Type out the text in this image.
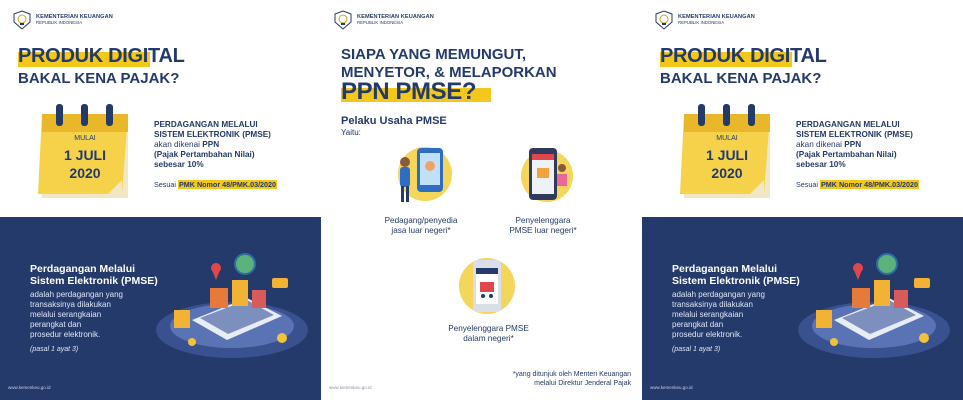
KEMENTERIAN KEUANGAN
REPUBLIK INDONESIA
PRODUK DIGITAL
BAKAL KENA PAJAK?
MULAI
1 JULI
2020
PERDAGANGAN MELALUI
SISTEM ELEKTRONIK (PMSE)
akan dikenai PPN
(Pajak Pertambahan Nilai)
sebesar 10%
Sesuai PMK Nomor 48/PMK.03/2020
Perdagangan Melalui
Sistem Elektronik (PMSE)
adalah perdagangan yang
transaksinya dilakukan
melalui serangkaian
perangkat dan
prosedur elektronik.
(pasal 1 ayat 3)
www.kemenkeu.go.id
KEMENTERIAN KEUANGAN
REPUBLIK INDONESIA
SIAPA YANG MEMUNGUT,
MENYETOR, & MELAPORKAN
PPN PMSE?
Pelaku Usaha PMSE
Yaitu:
Pedagang/penyedia
jasa luar negeri*
Penyelenggara
PMSE luar negeri*
Penyelenggara PMSE
dalam negeri*
*yang ditunjuk oleh Menteri Keuangan
melalui Direktur Jenderal Pajak
www.kemenkeu.go.id
KEMENTERIAN KEUANGAN
REPUBLIK INDONESIA
PRODUK DIGITAL
BAKAL KENA PAJAK?
MULAI
1 JULI
2020
PERDAGANGAN MELALUI
SISTEM ELEKTRONIK (PMSE)
akan dikenai PPN
(Pajak Pertambahan Nilai)
sebesar 10%
Sesuai PMK Nomor 48/PMK.03/2020
Perdagangan Melalui
Sistem Elektronik (PMSE)
adalah perdagangan yang
transaksinya dilakukan
melalui serangkaian
perangkat dan
prosedur elektronik.
(pasal 1 ayat 3)
www.kemenkeu.go.id
